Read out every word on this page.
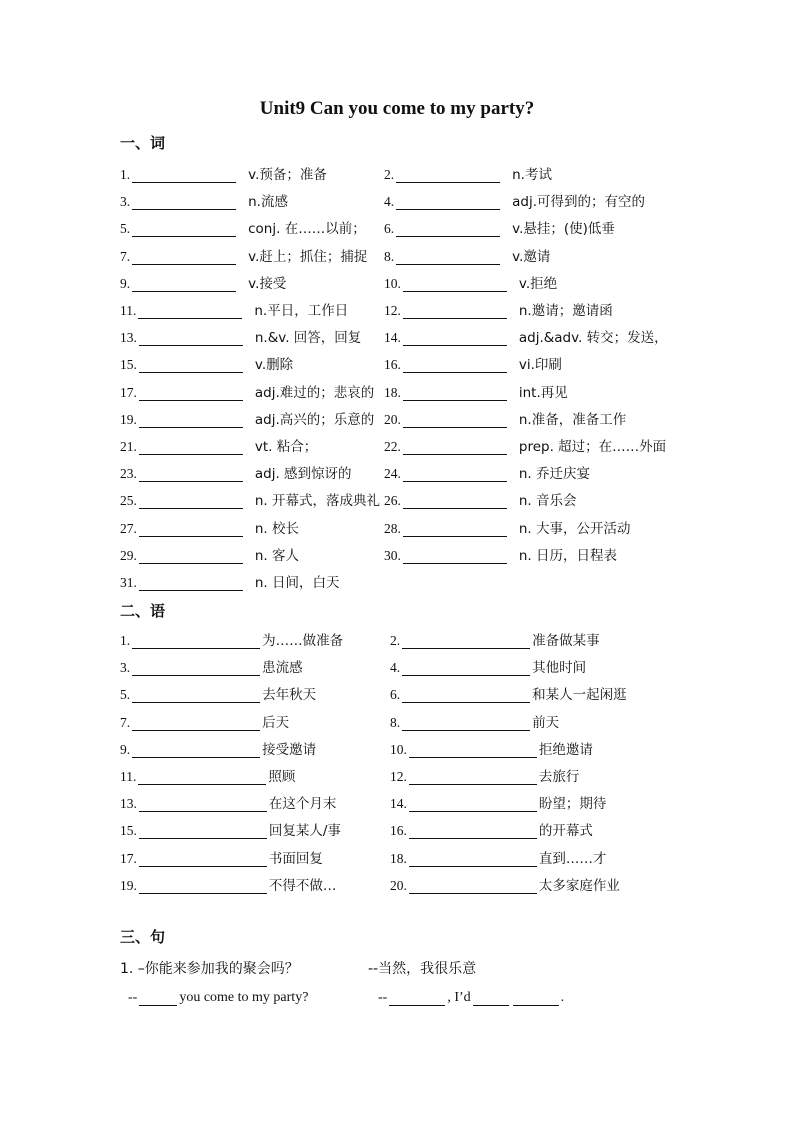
Unit9 Can you come to my party?
一、词
1.	v.预备；准备	2.	n.考试
3.	n.流感	4.	adj.可得到的；有空的
5.	conj. 在……以前； 6.	v.悬挂；(使)低垂
7.	v.赶上；抓住；捕捉 8.	v.邀请
9.	v.接受	10.	v.拒绝
11.	n.平日，工作日	12.	n.邀请；邀请函
13.	n.&v. 回答，回复 14.	adj.&adv. 转交；发送，
15.	v.删除	16.	vi.印刷
17.	adj.难过的；悲哀的 18.	int.再见
19.	adj.高兴的；乐意的 20.	n.准备，准备工作
21.	vt. 粘合；	22.	prep. 超过；在……外面
23.	adj. 感到惊讶的 24.	n. 乔迁庆宴
25.	n. 开幕式，落成典礼 26.	n. 音乐会
27.	n. 校长	28.	n. 大事，公开活动
29.	n. 客人	30.	n. 日历，日程表
31.	n. 日间，白天
二、语
1.	为……做准备	2.	准备做某事
3.	患流感	4.	其他时间
5.	去年秋天	6.	和某人一起闲逛
7.	后天	8.	前天
9.	接受邀请	10.	拒绝邀请
11.	照顾	12.	去旅行
13.	在这个月末	14.	盼望；期待
15.	回复某人/事	16.	的开幕式
17.	书面回复	18.	直到……才
19.	不得不做…	20.	太多家庭作业
三、句
1. –你能来参加我的聚会吗？	--当然，我很乐意
--	you come to my party?	--	, I’d	.
